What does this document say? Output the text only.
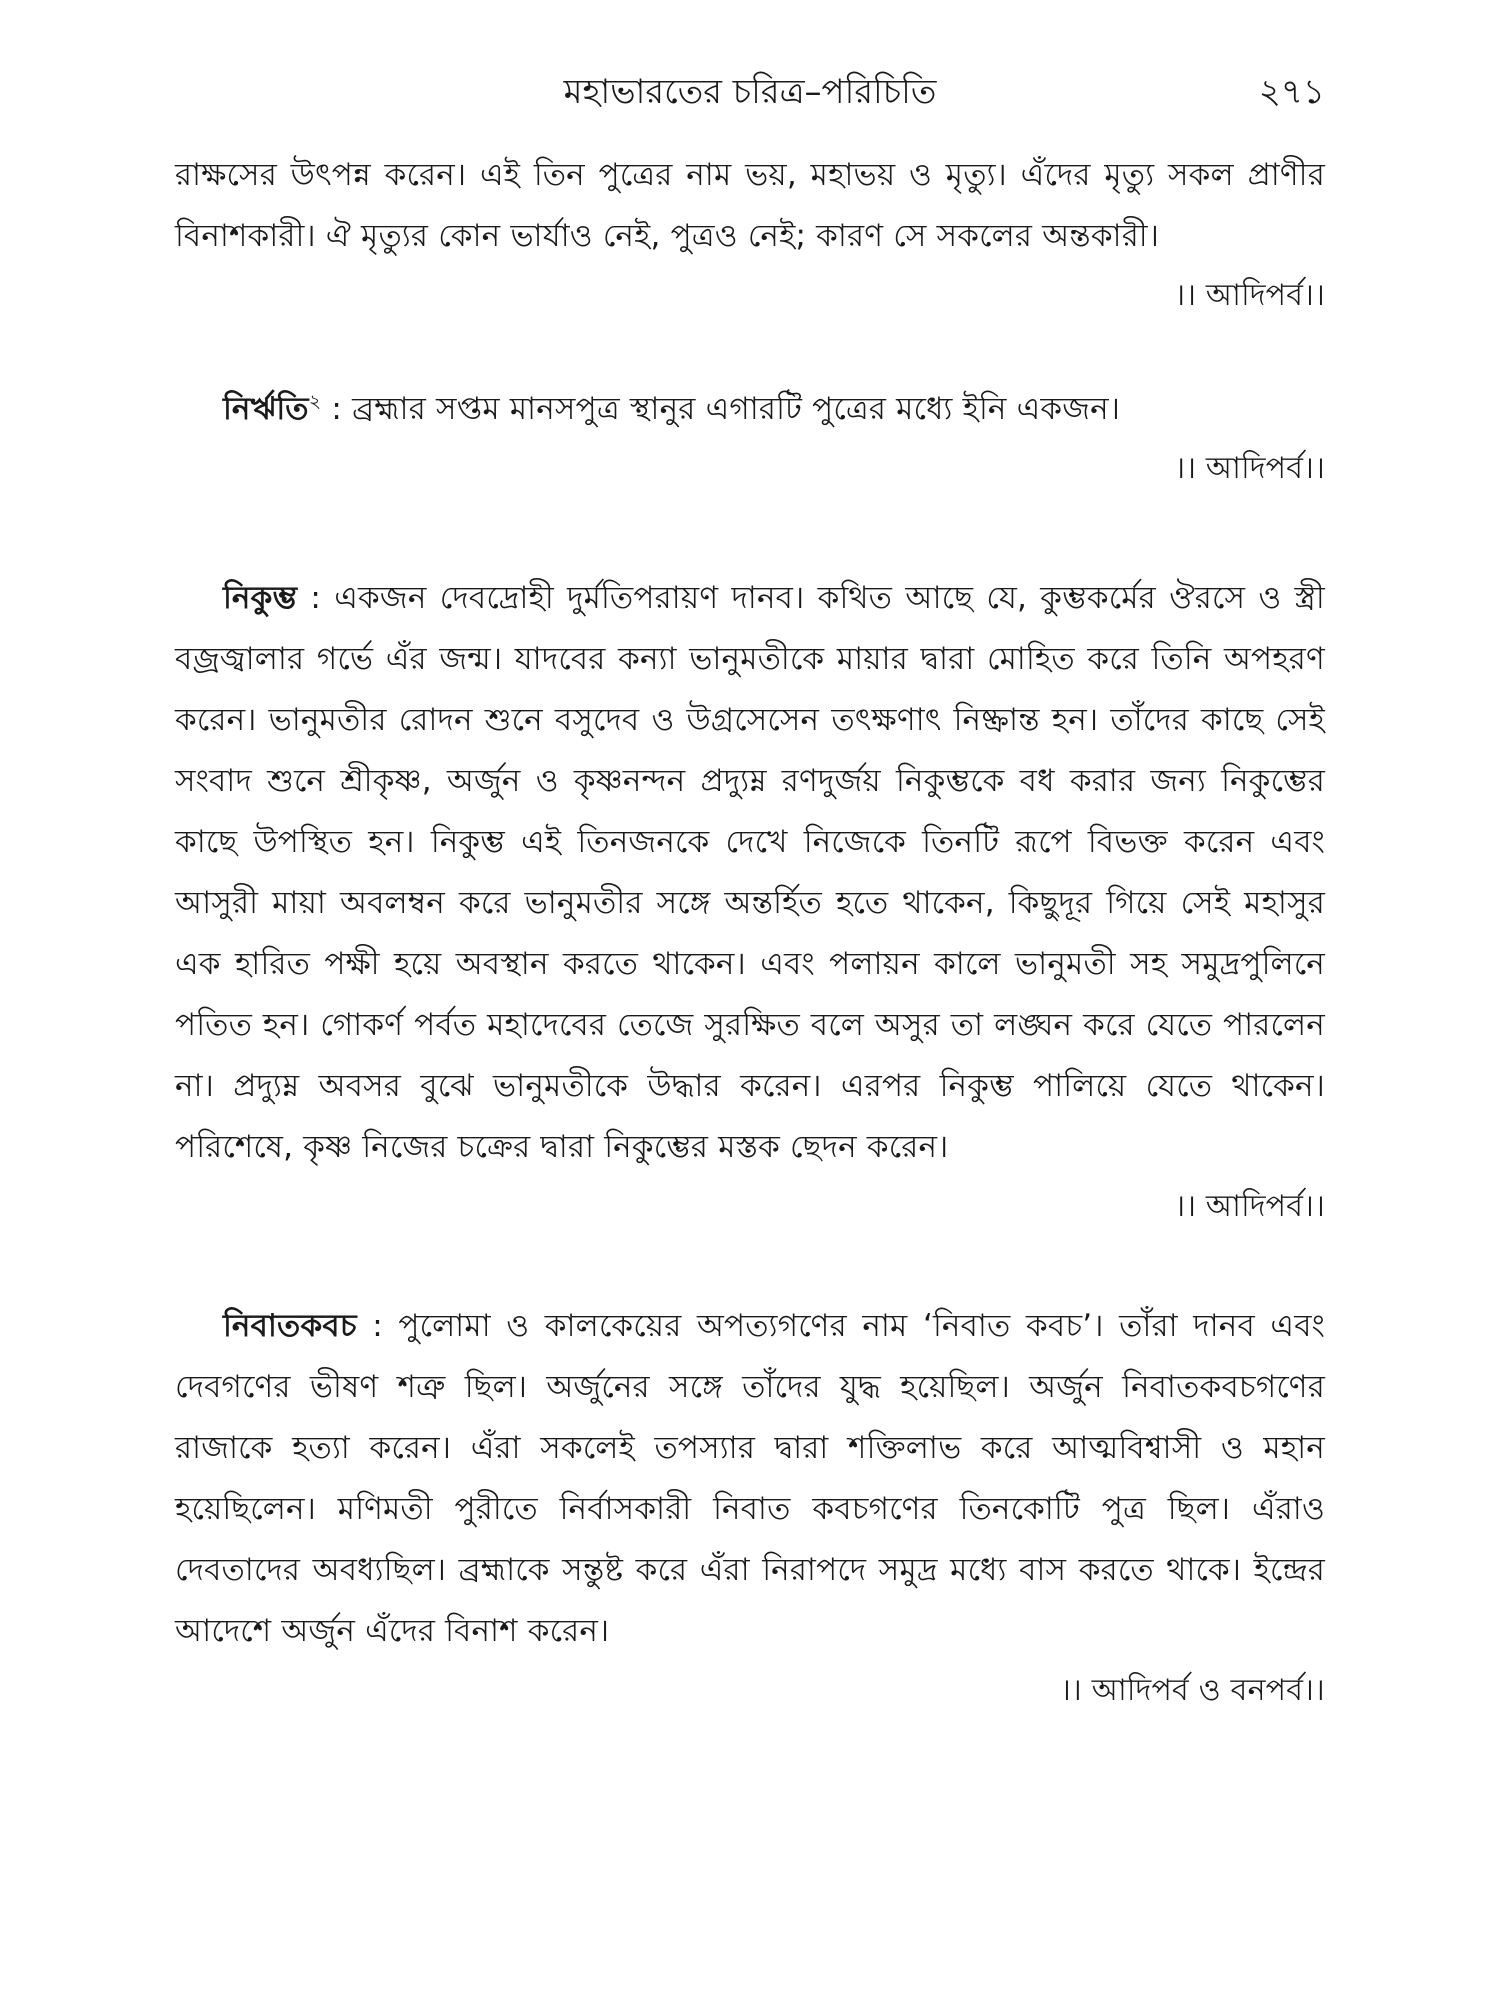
মহাভারতের চরিত্র–পরিচিতি	২৭১

রাক্ষসের উৎপন্ন করেন। এই তিন পুত্রের নাম ভয়, মহাভয় ও মৃত্যু। এঁদের মৃত্যু সকল প্রাণীর বিনাশকারী। ঐ মৃত্যুর কোন ভার্যাও নেই, পুত্রও নেই; কারণ সে সকলের অন্তকারী।

।। আদিপর্ব।।

নির্ঋতি$^২$ : ব্রহ্মার সপ্তম মানসপুত্র স্থানুর এগারটি পুত্রের মধ্যে ইনি একজন।

।। আদিপর্ব।।

নিকুম্ভ : একজন দেবদ্রোহী দুর্মতিপরায়ণ দানব। কথিত আছে যে, কুম্ভকর্মের ঔরসে ও স্ত্রী বজ্রজ্বালার গর্ভে এঁর জন্ম। যাদবের কন্যা ভানুমতীকে মায়ার দ্বারা মোহিত করে তিনি অপহরণ করেন। ভানুমতীর রোদন শুনে বসুদেব ও উগ্রসেসেন তৎক্ষণাৎ নিষ্ক্রান্ত হন। তাঁদের কাছে সেই সংবাদ শুনে শ্রীকৃষ্ণ, অর্জুন ও কৃষ্ণনন্দন প্রদ্যুম্ন রণদুর্জয় নিকুম্ভকে বধ করার জন্য নিকুম্ভের কাছে উপস্থিত হন। নিকুম্ভ এই তিনজনকে দেখে নিজেকে তিনটি রূপে বিভক্ত করেন এবং আসুরী মায়া অবলম্বন করে ভানুমতীর সঙ্গে অন্তর্হিত হতে থাকেন, কিছুদূর গিয়ে সেই মহাসুর এক হারিত পক্ষী হয়ে অবস্থান করতে থাকেন। এবং পলায়ন কালে ভানুমতী সহ সমুদ্রপুলিনে পতিত হন। গোকর্ণ পর্বত মহাদেবের তেজে সুরক্ষিত বলে অসুর তা লঙ্ঘন করে যেতে পারলেন না। প্রদ্যুম্ন অবসর বুঝে ভানুমতীকে উদ্ধার করেন। এরপর নিকুম্ভ পালিয়ে যেতে থাকেন। পরিশেষে, কৃষ্ণ নিজের চক্রের দ্বারা নিকুম্ভের মস্তক ছেদন করেন।

।। আদিপর্ব।।

নিবাতকবচ : পুলোমা ও কালকেয়ের অপত্যগণের নাম ‘নিবাত কবচ’। তাঁরা দানব এবং দেবগণের ভীষণ শত্রু ছিল। অর্জুনের সঙ্গে তাঁদের যুদ্ধ হয়েছিল। অর্জুন নিবাতকবচগণের রাজাকে হত্যা করেন। এঁরা সকলেই তপস্যার দ্বারা শক্তিলাভ করে আত্মবিশ্বাসী ও মহান হয়েছিলেন। মণিমতী পুরীতে নির্বাসকারী নিবাত কবচগণের তিনকোটি পুত্র ছিল। এঁরাও দেবতাদের অবধ্যছিল। ব্রহ্মাকে সন্তুষ্ট করে এঁরা নিরাপদে সমুদ্র মধ্যে বাস করতে থাকে। ইন্দ্রের আদেশে অর্জুন এঁদের বিনাশ করেন।

।। আদিপর্ব ও বনপর্ব।।
